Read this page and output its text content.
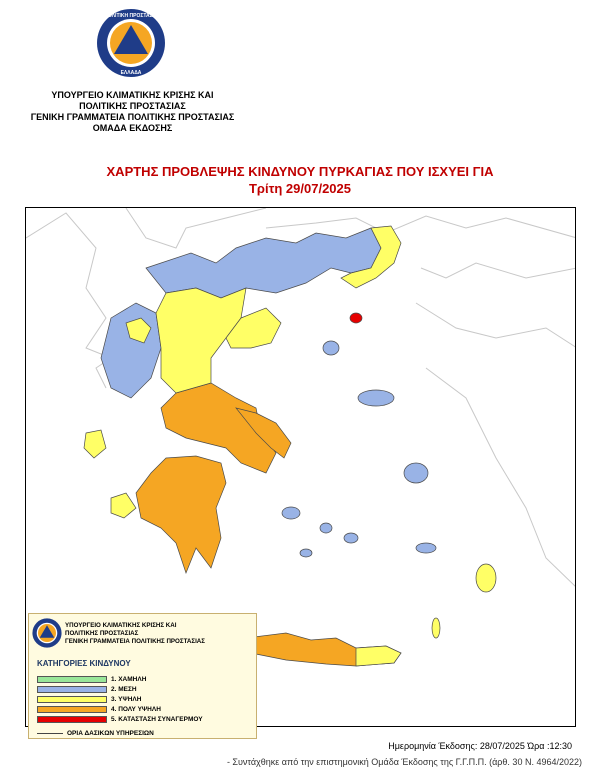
ΠΟΛΙΤΙΚΗ ΠΡΟΣΤΑΣΙΑ
ΕΛΛΑΔΑ
ΥΠΟΥΡΓΕΙΟ ΚΛΙΜΑΤΙΚΗΣ ΚΡΙΣΗΣ ΚΑΙ
ΠΟΛΙΤΙΚΗΣ ΠΡΟΣΤΑΣΙΑΣ
ΓΕΝΙΚΗ ΓΡΑΜΜΑΤΕΙΑ ΠΟΛΙΤΙΚΗΣ ΠΡΟΣΤΑΣΙΑΣ
ΟΜΑΔΑ ΕΚΔΟΣΗΣ
ΧΑΡΤΗΣ ΠΡΟΒΛΕΨΗΣ ΚΙΝΔΥΝΟΥ ΠΥΡΚΑΓΙΑΣ ΠΟΥ ΙΣΧΥΕΙ ΓΙΑ
Τρίτη 29/07/2025
ΥΠΟΥΡΓΕΙΟ ΚΛΙΜΑΤΙΚΗΣ ΚΡΙΣΗΣ ΚΑΙ
ΠΟΛΙΤΙΚΗΣ ΠΡΟΣΤΑΣΙΑΣ
ΓΕΝΙΚΗ ΓΡΑΜΜΑΤΕΙΑ ΠΟΛΙΤΙΚΗΣ ΠΡΟΣΤΑΣΙΑΣ
ΚΑΤΗΓΟΡΙΕΣ ΚΙΝΔΥΝΟΥ
1. ΧΑΜΗΛΗ
2. ΜΕΣΗ
3. ΥΨΗΛΗ
4. ΠΟΛΥ ΥΨΗΛΗ
5. ΚΑΤΑΣΤΑΣΗ ΣΥΝΑΓΕΡΜΟΥ
ΟΡΙΑ ΔΑΣΙΚΩΝ ΥΠΗΡΕΣΙΩΝ
Ημερομηνία Έκδοσης: 28/07/2025 Ώρα :12:30
- Συντάχθηκε από την επιστημονική Ομάδα Έκδοσης της Γ.Γ.Π.Π. (άρθ. 30 Ν. 4964/2022)
